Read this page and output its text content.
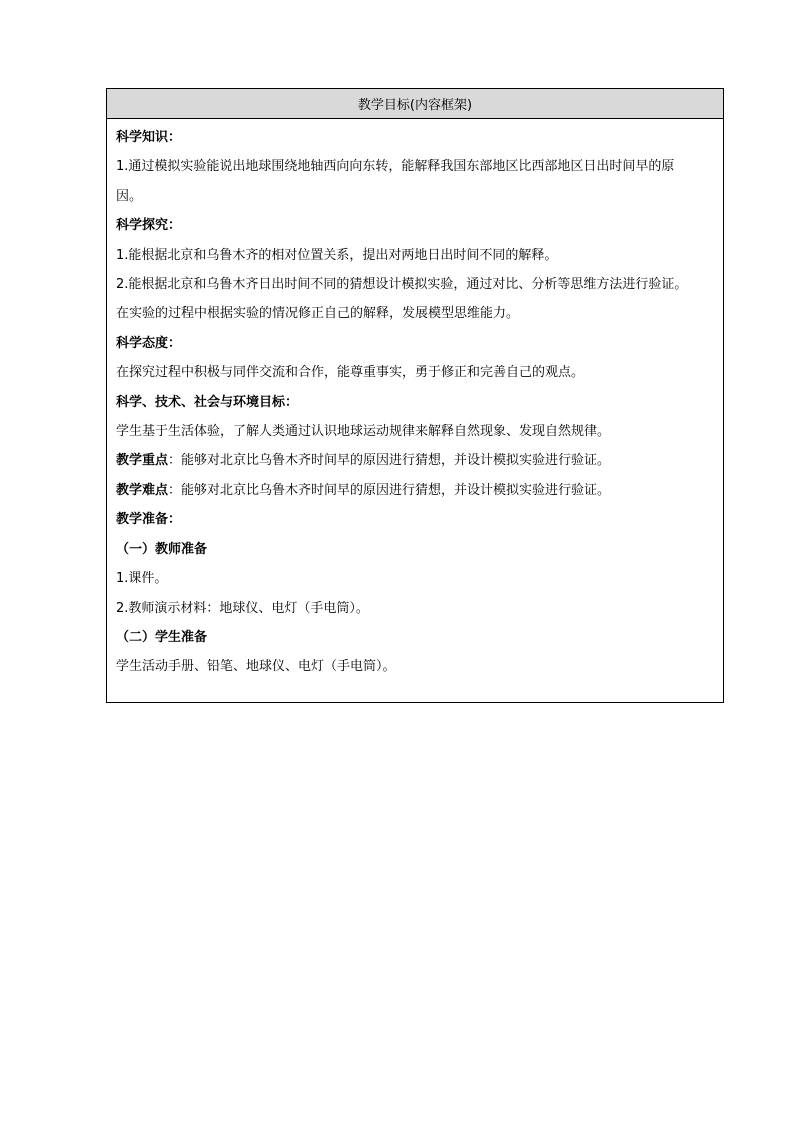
教学目标(内容框架)
科学知识：
1.通过模拟实验能说出地球围绕地轴西向向东转，能解释我国东部地区比西部地区日出时间早的原
因。
科学探究：
1.能根据北京和乌鲁木齐的相对位置关系，提出对两地日出时间不同的解释。
2.能根据北京和乌鲁木齐日出时间不同的猜想设计模拟实验，通过对比、分析等思维方法进行验证。
在实验的过程中根据实验的情况修正自己的解释，发展模型思维能力。
科学态度：
在探究过程中积极与同伴交流和合作，能尊重事实，勇于修正和完善自己的观点。
科学、技术、社会与环境目标：
学生基于生活体验，了解人类通过认识地球运动规律来解释自然现象、发现自然规律。
教学重点：能够对北京比乌鲁木齐时间早的原因进行猜想，并设计模拟实验进行验证。
教学难点：能够对北京比乌鲁木齐时间早的原因进行猜想，并设计模拟实验进行验证。
教学准备：
（一）教师准备
1.课件。
2.教师演示材料：地球仪、电灯（手电筒）。
（二）学生准备
学生活动手册、铅笔、地球仪、电灯（手电筒）。
